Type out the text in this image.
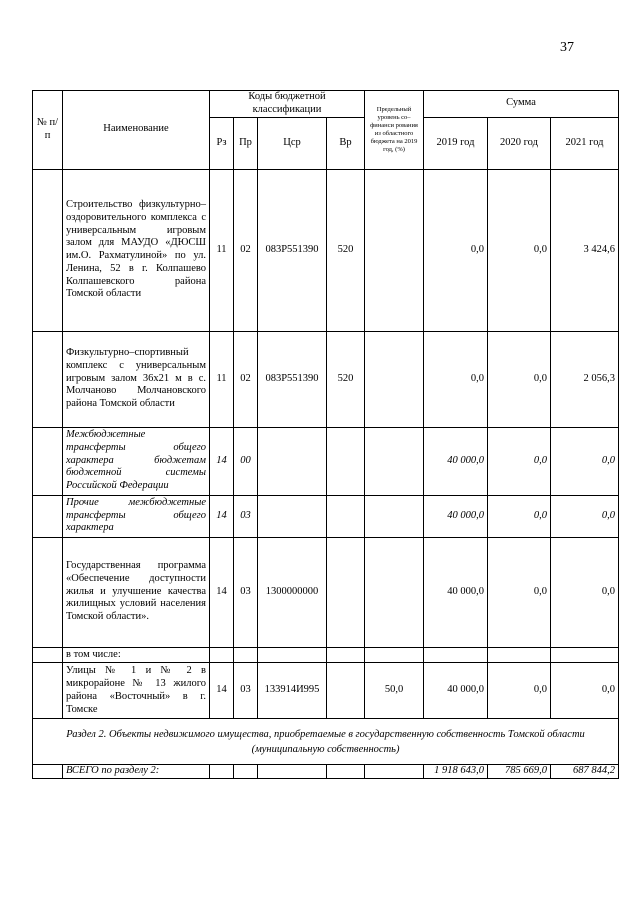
37
№ п/п	Наименование	Коды бюджетной классификации				Предельный уровень со– финанси рования из областного бюджета на 2019 год, (%)	Сумма		
		Рз	Пр	Цср	Вр		2019 год	2020 год	2021 год
	Строительство физкультурно–оздоровительного комплекса с универсальным игровым залом для МАУДО «ДЮСШ им.О. Рахматулиной» по ул. Ленина, 52 в г. Колпашево Колпашевского района Томской области	11	02	083P551390	520		0,0	0,0	3 424,6
	Физкультурно–спортивный комплекс с универсальным игровым залом 36х21 м в с. Молчаново Молчановского района Томской области	11	02	083P551390	520		0,0	0,0	2 056,3
	Межбюджетные трансферты общего характера бюджетам бюджетной системы Российской Федерации	14	00				40 000,0	0,0	0,0
	Прочие межбюджетные трансферты общего характера	14	03				40 000,0	0,0	0,0
	Государственная программа «Обеспечение доступности жилья и улучшение качества жилищных условий населения Томской области».	14	03	1300000000			40 000,0	0,0	0,0
	в том числе:								
	Улицы № 1 и № 2 в микрорайоне № 13 жилого района «Восточный» в г. Томске	14	03	133914И995		50,0	40 000,0	0,0	0,0
Раздел 2. Объекты недвижимого имущества, приобретаемые в государственную собственность Томской области (муниципальную собственность)									
	ВСЕГО по разделу 2:						1 918 643,0	785 669,0	687 844,2
